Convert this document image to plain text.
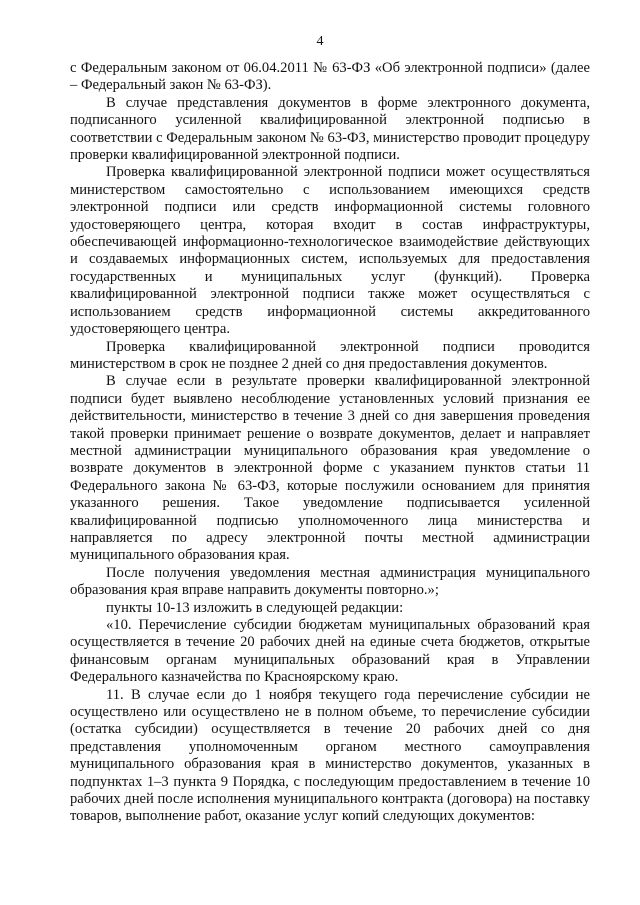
4

с Федеральным законом от 06.04.2011 № 63-ФЗ «Об электронной подписи» (далее – Федеральный закон № 63-ФЗ).

В случае представления документов в форме электронного документа, подписанного усиленной квалифицированной электронной подписью в соответствии с Федеральным законом № 63-ФЗ, министерство проводит процедуру проверки квалифицированной электронной подписи.

Проверка квалифицированной электронной подписи может осуществляться министерством самостоятельно с использованием имеющихся средств электронной подписи или средств информационной системы головного удостоверяющего центра, которая входит в состав инфраструктуры, обеспечивающей информационно-технологическое взаимодействие действующих и создаваемых информационных систем, используемых для предоставления государственных и муниципальных услуг (функций). Проверка квалифицированной электронной подписи также может осуществляться с использованием средств информационной системы аккредитованного удостоверяющего центра.

Проверка квалифицированной электронной подписи проводится министерством в срок не позднее 2 дней со дня предоставления документов.

В случае если в результате проверки квалифицированной электронной подписи будет выявлено несоблюдение установленных условий признания ее действительности, министерство в течение 3 дней со дня завершения проведения такой проверки принимает решение о возврате документов, делает и направляет местной администрации муниципального образования края уведомление о возврате документов в электронной форме с указанием пунктов статьи 11 Федерального закона № 63-ФЗ, которые послужили основанием для принятия указанного решения. Такое уведомление подписывается усиленной квалифицированной подписью уполномоченного лица министерства и направляется по адресу электронной почты местной администрации муниципального образования края.

После получения уведомления местная администрация муниципального образования края вправе направить документы повторно.»;

пункты 10-13 изложить в следующей редакции:

«10. Перечисление субсидии бюджетам муниципальных образований края осуществляется в течение 20 рабочих дней на единые счета бюджетов, открытые финансовым органам муниципальных образований края в Управлении Федерального казначейства по Красноярскому краю.

11. В случае если до 1 ноября текущего года перечисление субсидии не осуществлено или осуществлено не в полном объеме, то перечисление субсидии (остатка субсидии) осуществляется в течение 20 рабочих дней со дня представления уполномоченным органом местного самоуправления муниципального образования края в министерство документов, указанных в подпунктах 1–3 пункта 9 Порядка, с последующим предоставлением в течение 10 рабочих дней после исполнения муниципального контракта (договора) на поставку товаров, выполнение работ, оказание услуг копий следующих документов:
